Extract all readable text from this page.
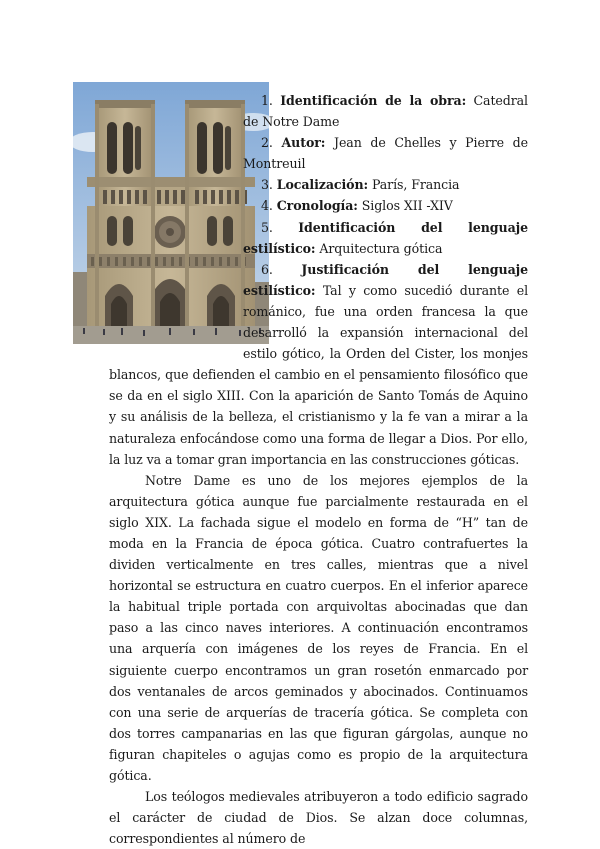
1. Identificación de la obra: Catedral de Notre Dame

2. Autor: Jean de Chelles y Pierre de Montreuil

3. Localización: París, Francia

4. Cronología: Siglos XII -XIV

5. Identificación del lenguaje estilístico: Arquitectura gótica

6. Justificación del lenguaje estilístico: Tal y como sucedió durante el románico, fue una orden francesa la que desarrolló la expansión internacional del estilo gótico, la Orden del Cister, los monjes blancos, que defienden el cambio en el pensamiento filosófico que se da en el siglo XIII. Con la aparición de Santo Tomás de Aquino y su análisis de la belleza, el cristianismo y la fe van a mirar a la naturaleza enfocándose como una forma de llegar a Dios. Por ello, la luz va a tomar gran importancia en las construcciones góticas.

Notre Dame es uno de los mejores ejemplos de la arquitectura gótica aunque fue parcialmente restaurada en el siglo XIX. La fachada sigue el modelo en forma de “H” tan de moda en la Francia de época gótica. Cuatro contrafuertes la dividen verticalmente en tres calles, mientras que a nivel horizontal se estructura en cuatro cuerpos. En el inferior aparece la habitual triple portada con arquivoltas abocinadas que dan paso a las cinco naves interiores. A continuación encontramos una arquería con imágenes de los reyes de Francia. En el siguiente cuerpo encontramos un gran rosetón enmarcado por dos ventanales de arcos geminados y abocinados. Continuamos con una serie de arquerías de tracería gótica. Se completa con dos torres campanarias en las que figuran gárgolas, aunque no figuran chapiteles o agujas como es propio de la arquitectura gótica.

Los teólogos medievales atribuyeron a todo edificio sagrado el carácter de ciudad de Dios. Se alzan doce columnas, correspondientes al número de
